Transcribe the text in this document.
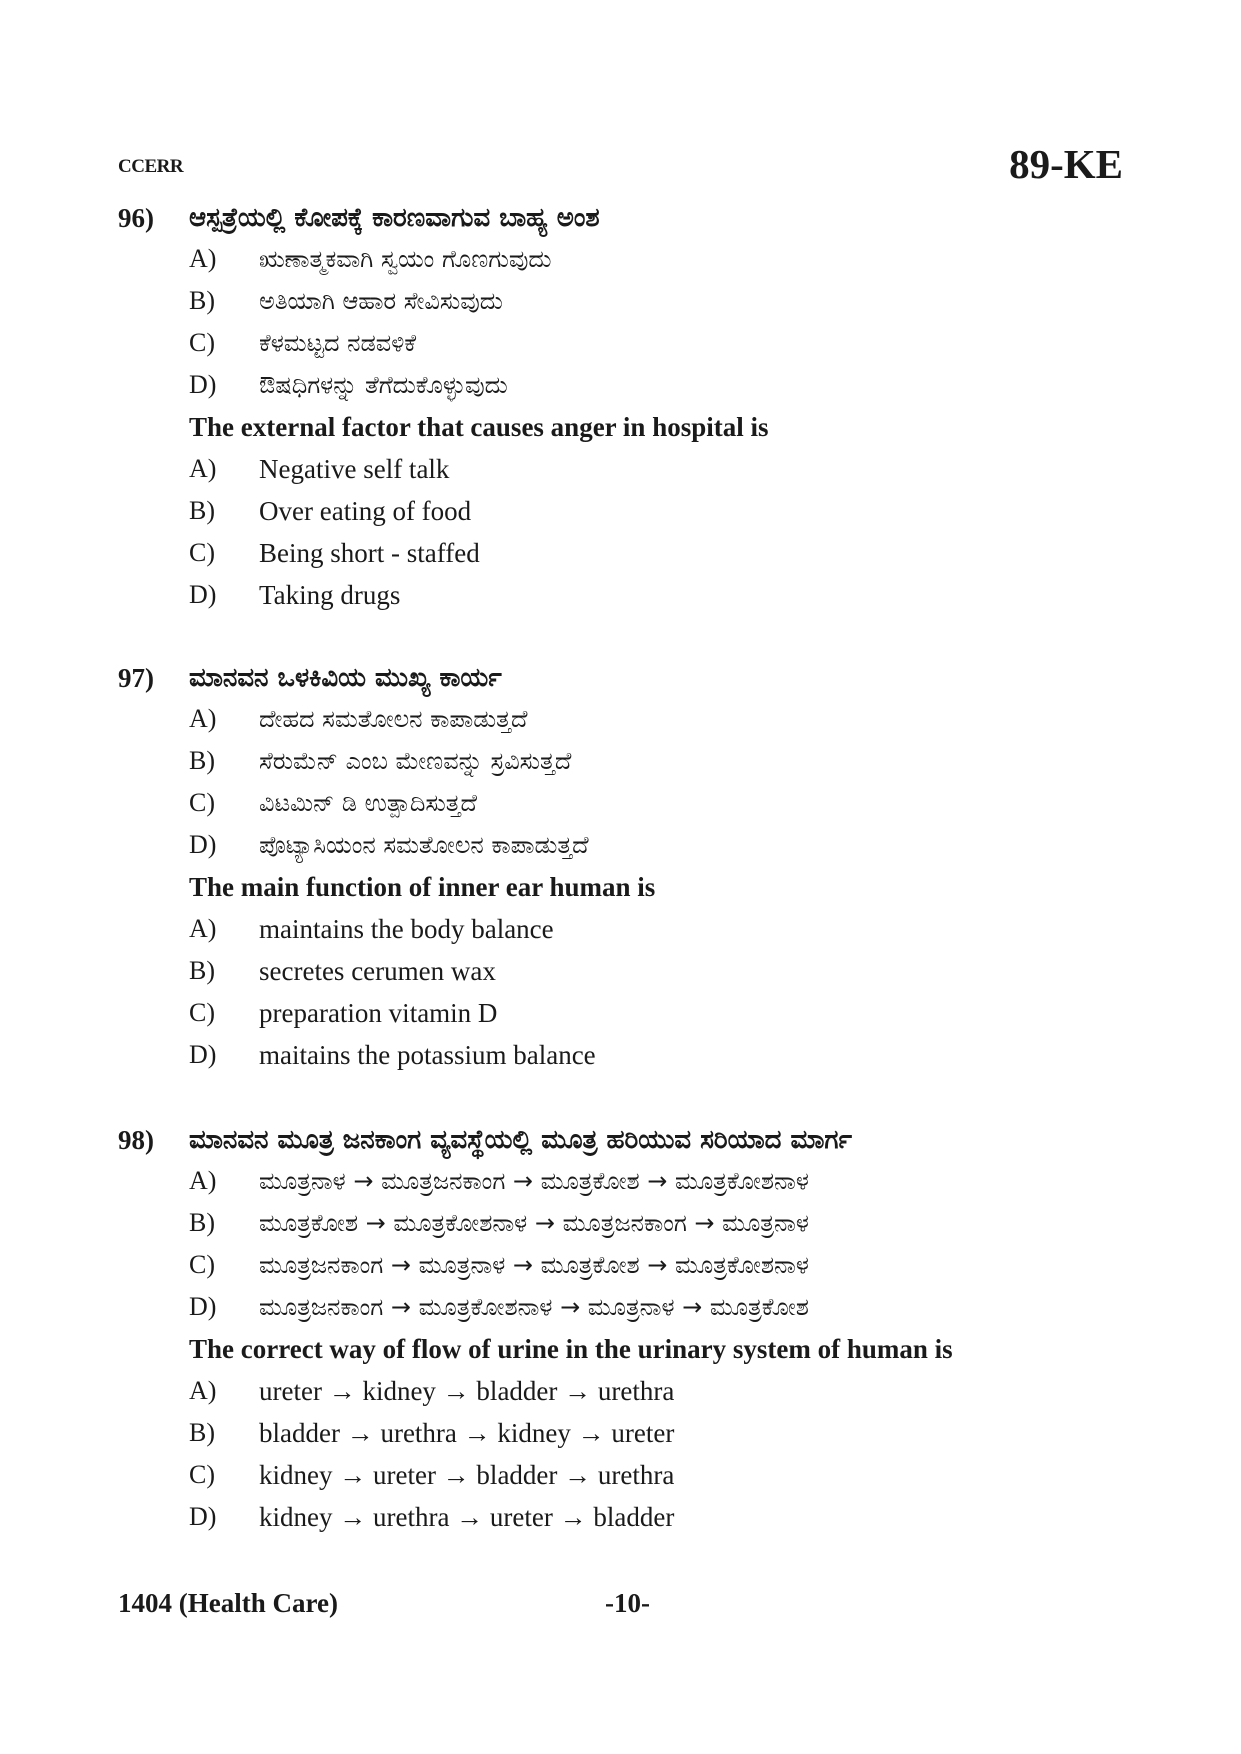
CCERR	89-KE
96) ಆಸ್ಪತ್ರೆಯಲ್ಲಿ ಕೋಪಕ್ಕೆ ಕಾರಣವಾಗುವ ಬಾಹ್ಯ ಅಂಶ
A) ಋಣಾತ್ಮಕವಾಗಿ ಸ್ವಯಂ ಗೊಣಗುವುದು
B) ಅತಿಯಾಗಿ ಆಹಾರ ಸೇವಿಸುವುದು
C) ಕೆಳಮಟ್ಟದ ನಡವಳಿಕೆ
D) ಔಷಧಿಗಳನ್ನು ತೆಗೆದುಕೊಳ್ಳುವುದು
The external factor that causes anger in hospital is
A) Negative self talk
B) Over eating of food
C) Being short - staffed
D) Taking drugs
97) ಮಾನವನ ಒಳಕಿವಿಯ ಮುಖ್ಯ ಕಾರ್ಯ
A) ದೇಹದ ಸಮತೋಲನ ಕಾಪಾಡುತ್ತದೆ
B) ಸೆರುಮೆನ್ ಎಂಬ ಮೇಣವನ್ನು ಸ್ರವಿಸುತ್ತದೆ
C) ವಿಟಮಿನ್ ಡಿ ಉತ್ಪಾದಿಸುತ್ತದೆ
D) ಪೊಟ್ಯಾಸಿಯಂನ ಸಮತೋಲನ ಕಾಪಾಡುತ್ತದೆ
The main function of inner ear human is
A) maintains the body balance
B) secretes cerumen wax
C) preparation vitamin D
D) maitains the potassium balance
98) ಮಾನವನ ಮೂತ್ರ ಜನಕಾಂಗ ವ್ಯವಸ್ಥೆಯಲ್ಲಿ ಮೂತ್ರ ಹರಿಯುವ ಸರಿಯಾದ ಮಾರ್ಗ
A) ಮೂತ್ರನಾಳ → ಮೂತ್ರಜನಕಾಂಗ → ಮೂತ್ರಕೋಶ → ಮೂತ್ರಕೋಶನಾಳ
B) ಮೂತ್ರಕೋಶ → ಮೂತ್ರಕೋಶನಾಳ → ಮೂತ್ರಜನಕಾಂಗ → ಮೂತ್ರನಾಳ
C) ಮೂತ್ರಜನಕಾಂಗ → ಮೂತ್ರನಾಳ → ಮೂತ್ರಕೋಶ → ಮೂತ್ರಕೋಶನಾಳ
D) ಮೂತ್ರಜನಕಾಂಗ → ಮೂತ್ರಕೋಶನಾಳ → ಮೂತ್ರನಾಳ → ಮೂತ್ರಕೋಶ
The correct way of flow of urine in the urinary system of human is
A) ureter → kidney → bladder → urethra
B) bladder → urethra → kidney → ureter
C) kidney → ureter → bladder → urethra
D) kidney → urethra → ureter → bladder
1404 (Health Care)	-10-
